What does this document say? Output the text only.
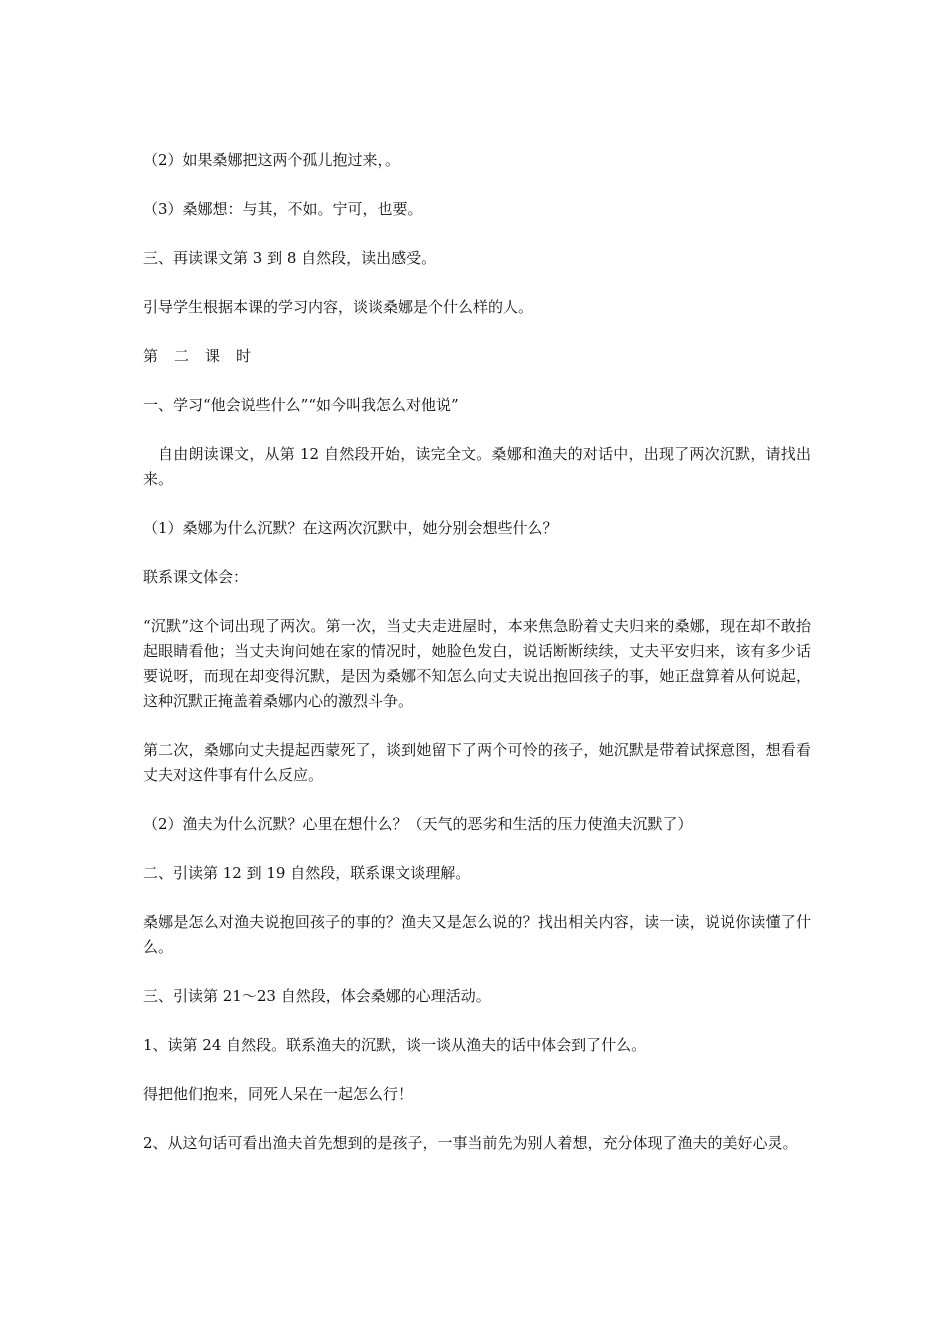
（2）如果桑娜把这两个孤儿抱过来，。

（3）桑娜想：与其，不如。宁可，也要。

三、再读课文第 3 到 8 自然段，读出感受。

引导学生根据本课的学习内容，谈谈桑娜是个什么样的人。

第二课时

一、学习“他会说些什么”“如今叫我怎么对他说”

自由朗读课文，从第 12 自然段开始，读完全文。桑娜和渔夫的对话中，出现了两次沉默，请找出来。

（1）桑娜为什么沉默？在这两次沉默中，她分别会想些什么？

联系课文体会：

“沉默”这个词出现了两次。第一次，当丈夫走进屋时，本来焦急盼着丈夫归来的桑娜，现在却不敢抬起眼睛看他；当丈夫询问她在家的情况时，她脸色发白，说话断断续续，丈夫平安归来，该有多少话要说呀，而现在却变得沉默，是因为桑娜不知怎么向丈夫说出抱回孩子的事，她正盘算着从何说起，这种沉默正掩盖着桑娜内心的激烈斗争。

第二次，桑娜向丈夫提起西蒙死了，谈到她留下了两个可怜的孩子，她沉默是带着试探意图，想看看丈夫对这件事有什么反应。

（2）渔夫为什么沉默？心里在想什么？（天气的恶劣和生活的压力使渔夫沉默了）

二、引读第 12 到 19 自然段，联系课文谈理解。

桑娜是怎么对渔夫说抱回孩子的事的？渔夫又是怎么说的？找出相关内容，读一读，说说你读懂了什么。

三、引读第 21～23 自然段，体会桑娜的心理活动。

1、读第 24 自然段。联系渔夫的沉默，谈一谈从渔夫的话中体会到了什么。

得把他们抱来，同死人呆在一起怎么行！

2、从这句话可看出渔夫首先想到的是孩子，一事当前先为别人着想，充分体现了渔夫的美好心灵。
